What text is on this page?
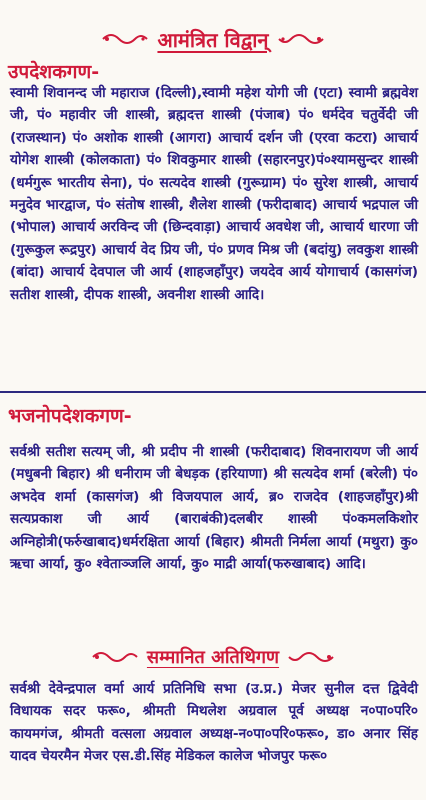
आमंत्रित विद्वान्
उपदेशकगण-
स्वामी शिवानन्द जी महाराज (दिल्ली),स्वामी महेश योगी जी (एटा) स्वामी ब्रह्मवेश जी, पं० महावीर जी शास्त्री, ब्रह्मदत्त शास्त्री (पंजाब) पं० धर्मदेव चतुर्वेदी जी (राजस्थान) पं० अशोक शास्त्री (आगरा) आचार्य दर्शन जी (एरवा कटरा) आचार्य योगेश शास्त्री (कोलकाता) पं० शिवकुमार शास्त्री (सहारनपुर)पं०श्यामसुन्दर शास्त्री (धर्मगुरू भारतीय सेना), पं० सत्यदेव शास्त्री (गुरूग्राम) पं० सुरेश शास्त्री, आचार्य मनुदेव भारद्वाज, पं० संतोष शास्त्री, शैलेश शास्त्री (फरीदाबाद) आचार्य भद्रपाल जी (भोपाल) आचार्य अरविन्द जी (छिन्दवाड़ा) आचार्य अवधेश जी, आचार्य धारणा जी (गुरूकुल रूद्रपुर) आचार्य वेद प्रिय जी, पं० प्रणव मिश्र जी (बदांयु) लवकुश शास्त्री (बांदा) आचार्य देवपाल जी आर्य (शाहजहाँपुर) जयदेव आर्य योगाचार्य (कासगंज) सतीश शास्त्री, दीपक शास्त्री, अवनीश शास्त्री आदि।
भजनोपदेशकगण-
सर्वश्री सतीश सत्यम् जी, श्री प्रदीप नी शास्त्री (फरीदाबाद) शिवनारायण जी आर्य (मधुबनी बिहार) श्री धनीराम जी बेधड़क (हरियाणा) श्री सत्यदेव शर्मा (बरेली) पं० अभदेव शर्मा (कासगंज) श्री विजयपाल आर्य, ब्र० राजदेव (शाहजहाँपुर)श्री सत्यप्रकाश जी आर्य (बाराबंकी)दलबीर शास्त्री पं०कमलकिशोर अग्निहोत्री(फर्रुखाबाद)धर्मरक्षिता आर्या (बिहार) श्रीमती निर्मला आर्या (मथुरा) कु० ऋचा आर्या, कु० श्वेताञ्जलि आर्या, कु० माद्री आर्या(फरुखाबाद) आदि।
सम्मानित अतिथिगण
सर्वश्री देवेन्द्रपाल वर्मा आर्य प्रतिनिधि सभा (उ.प्र.) मेजर सुनील दत्त द्विवेदी विधायक सदर फरू०, श्रीमती मिथलेश अग्रवाल पूर्व अध्यक्ष न०पा०परि० कायमगंज, श्रीमती वत्सला अग्रवाल अध्यक्ष-न०पा०परि०फरू०, डा० अनार सिंह यादव चेयरमैन मेजर एस.डी.सिंह मेडिकल कालेज भोजपुर फरू०
